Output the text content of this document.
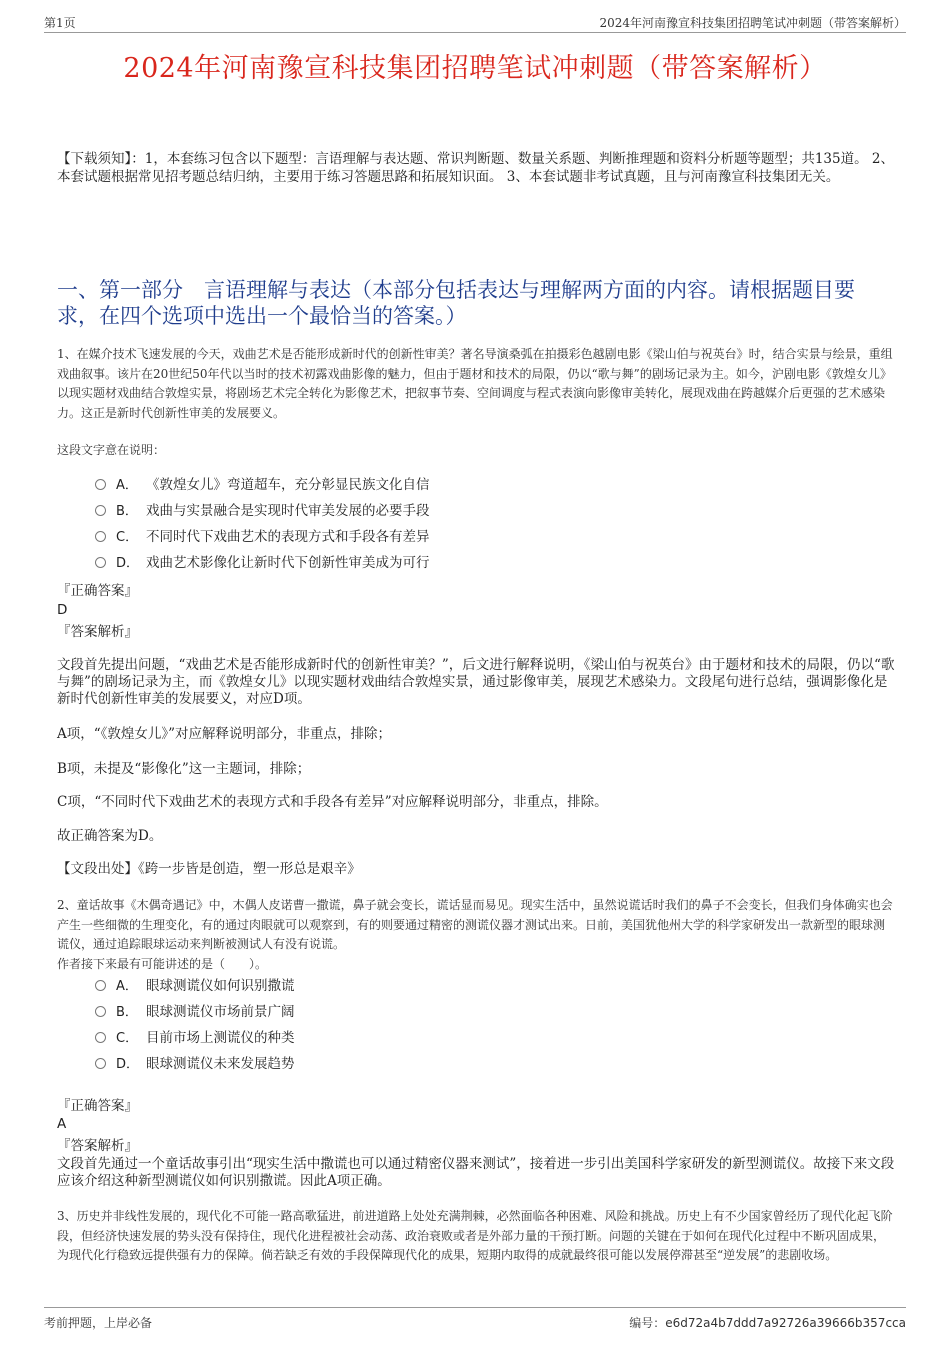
第1页	2024年河南豫宣科技集团招聘笔试冲刺题（带答案解析）
2024年河南豫宣科技集团招聘笔试冲刺题（带答案解析）
【下载须知】：1，本套练习包含以下题型：言语理解与表达题、常识判断题、数量关系题、判断推理题和资料分析题等题型；共135道。 2、本套试题根据常见招考题总结归纳，主要用于练习答题思路和拓展知识面。 3、本套试题非考试真题，且与河南豫宣科技集团无关。
一、第一部分　言语理解与表达（本部分包括表达与理解两方面的内容。请根据题目要求，在四个选项中选出一个最恰当的答案。）
1、在媒介技术飞速发展的今天，戏曲艺术是否能形成新时代的创新性审美？著名导演桑弧在拍摄彩色越剧电影《梁山伯与祝英台》时，结合实景与绘景，重组戏曲叙事。该片在20世纪50年代以当时的技术初露戏曲影像的魅力，但由于题材和技术的局限，仍以“歌与舞”的剧场记录为主。如今，沪剧电影《敦煌女儿》以现实题材戏曲结合敦煌实景，将剧场艺术完全转化为影像艺术，把叙事节奏、空间调度与程式表演向影像审美转化，展现戏曲在跨越媒介后更强的艺术感染力。这正是新时代创新性审美的发展要义。
这段文字意在说明：
A． 《敦煌女儿》弯道超车，充分彰显民族文化自信
B． 戏曲与实景融合是实现时代审美发展的必要手段
C． 不同时代下戏曲艺术的表现方式和手段各有差异
D． 戏曲艺术影像化让新时代下创新性审美成为可行
『正确答案』
D
『答案解析』
文段首先提出问题，“戏曲艺术是否能形成新时代的创新性审美？”，后文进行解释说明，《梁山伯与祝英台》由于题材和技术的局限，仍以“歌与舞”的剧场记录为主，而《敦煌女儿》以现实题材戏曲结合敦煌实景，通过影像审美，展现艺术感染力。文段尾句进行总结，强调影像化是新时代创新性审美的发展要义，对应D项。
A项，“《敦煌女儿》”对应解释说明部分，非重点，排除；
B项，未提及“影像化”这一主题词，排除；
C项，“不同时代下戏曲艺术的表现方式和手段各有差异”对应解释说明部分，非重点，排除。
故正确答案为D。
【文段出处】《跨一步皆是创造，塑一形总是艰辛》
2、童话故事《木偶奇遇记》中，木偶人皮诺曹一撒谎，鼻子就会变长，谎话显而易见。现实生活中，虽然说谎话时我们的鼻子不会变长，但我们身体确实也会产生一些细微的生理变化，有的通过肉眼就可以观察到，有的则要通过精密的测谎仪器才测试出来。日前，美国犹他州大学的科学家研发出一款新型的眼球测谎仪，通过追踪眼球运动来判断被测试人有没有说谎。
作者接下来最有可能讲述的是（　　）。
A． 眼球测谎仪如何识别撒谎
B． 眼球测谎仪市场前景广阔
C． 目前市场上测谎仪的种类
D． 眼球测谎仪未来发展趋势
『正确答案』
A
『答案解析』
文段首先通过一个童话故事引出“现实生活中撒谎也可以通过精密仪器来测试”，接着进一步引出美国科学家研发的新型测谎仪。故接下来文段应该介绍这种新型测谎仪如何识别撒谎。因此A项正确。
3、历史并非线性发展的，现代化不可能一路高歌猛进，前进道路上处处充满荆棘，必然面临各种困难、风险和挑战。历史上有不少国家曾经历了现代化起飞阶段，但经济快速发展的势头没有保持住，现代化进程被社会动荡、政治衰败或者是外部力量的干预打断。问题的关键在于如何在现代化过程中不断巩固成果，为现代化行稳致远提供强有力的保障。倘若缺乏有效的手段保障现代化的成果，短期内取得的成就最终很可能以发展停滞甚至“逆发展”的悲剧收场。
考前押题，上岸必备	编号：e6d72a4b7ddd7a92726a39666b357cca
